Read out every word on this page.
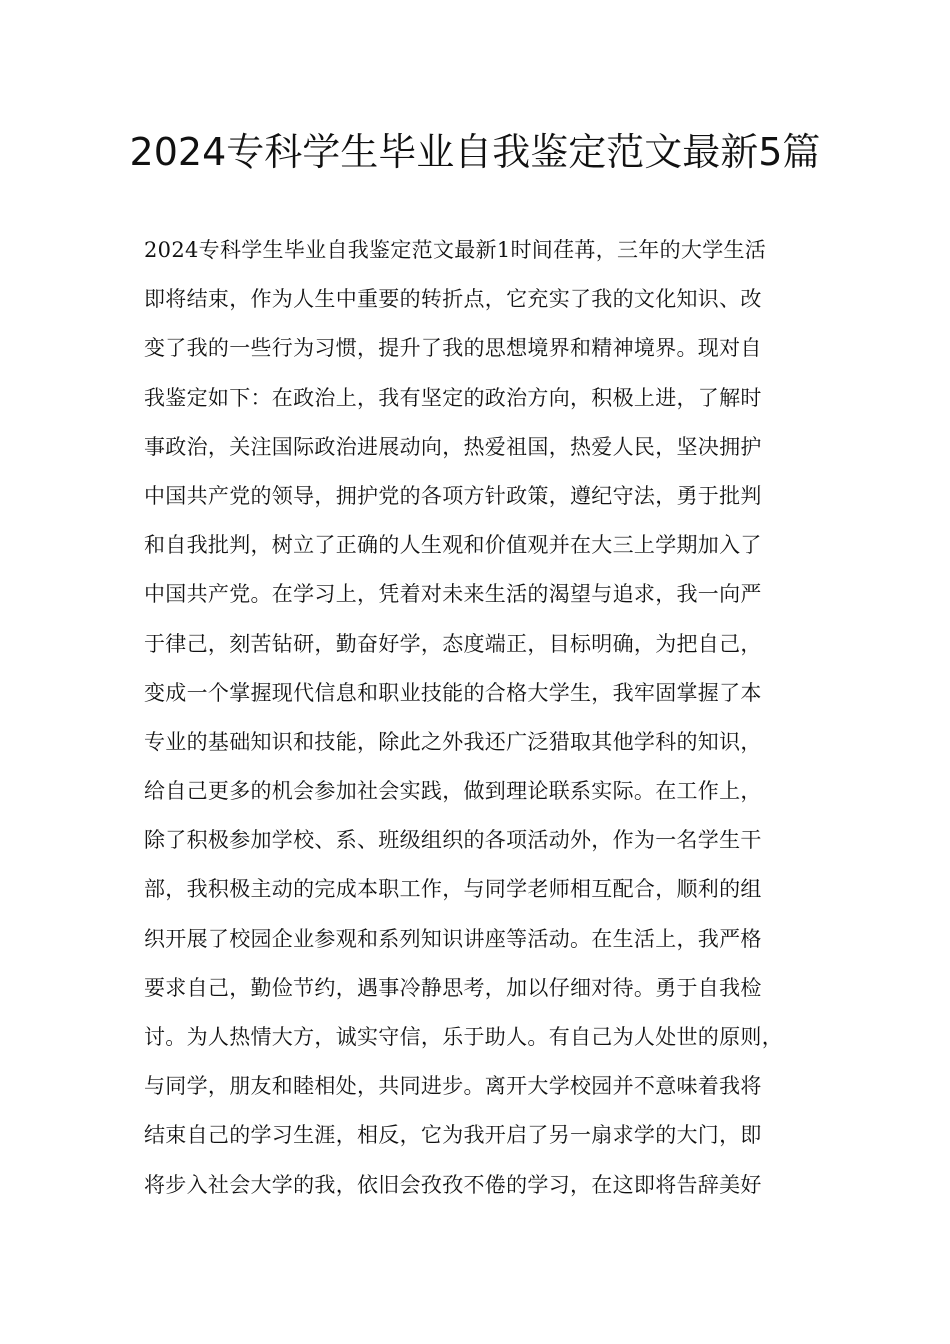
2024专科学生毕业自我鉴定范文最新5篇
2024专科学生毕业自我鉴定范文最新1时间荏苒，三年的大学生活
即将结束，作为人生中重要的转折点，它充实了我的文化知识、改
变了我的一些行为习惯，提升了我的思想境界和精神境界。现对自
我鉴定如下：在政治上，我有坚定的政治方向，积极上进，了解时
事政治，关注国际政治进展动向，热爱祖国，热爱人民，坚决拥护
中国共产党的领导，拥护党的各项方针政策，遵纪守法，勇于批判
和自我批判，树立了正确的人生观和价值观并在大三上学期加入了
中国共产党。在学习上，凭着对未来生活的渴望与追求，我一向严
于律己，刻苦钻研，勤奋好学，态度端正，目标明确，为把自己，
变成一个掌握现代信息和职业技能的合格大学生，我牢固掌握了本
专业的基础知识和技能，除此之外我还广泛猎取其他学科的知识，
给自己更多的机会参加社会实践，做到理论联系实际。在工作上，
除了积极参加学校、系、班级组织的各项活动外，作为一名学生干
部，我积极主动的完成本职工作，与同学老师相互配合，顺利的组
织开展了校园企业参观和系列知识讲座等活动。在生活上，我严格
要求自己，勤俭节约，遇事冷静思考，加以仔细对待。勇于自我检
讨。为人热情大方，诚实守信，乐于助人。有自己为人处世的原则，
与同学，朋友和睦相处，共同进步。离开大学校园并不意味着我将
结束自己的学习生涯，相反，它为我开启了另一扇求学的大门，即
将步入社会大学的我，依旧会孜孜不倦的学习，在这即将告辞美好
